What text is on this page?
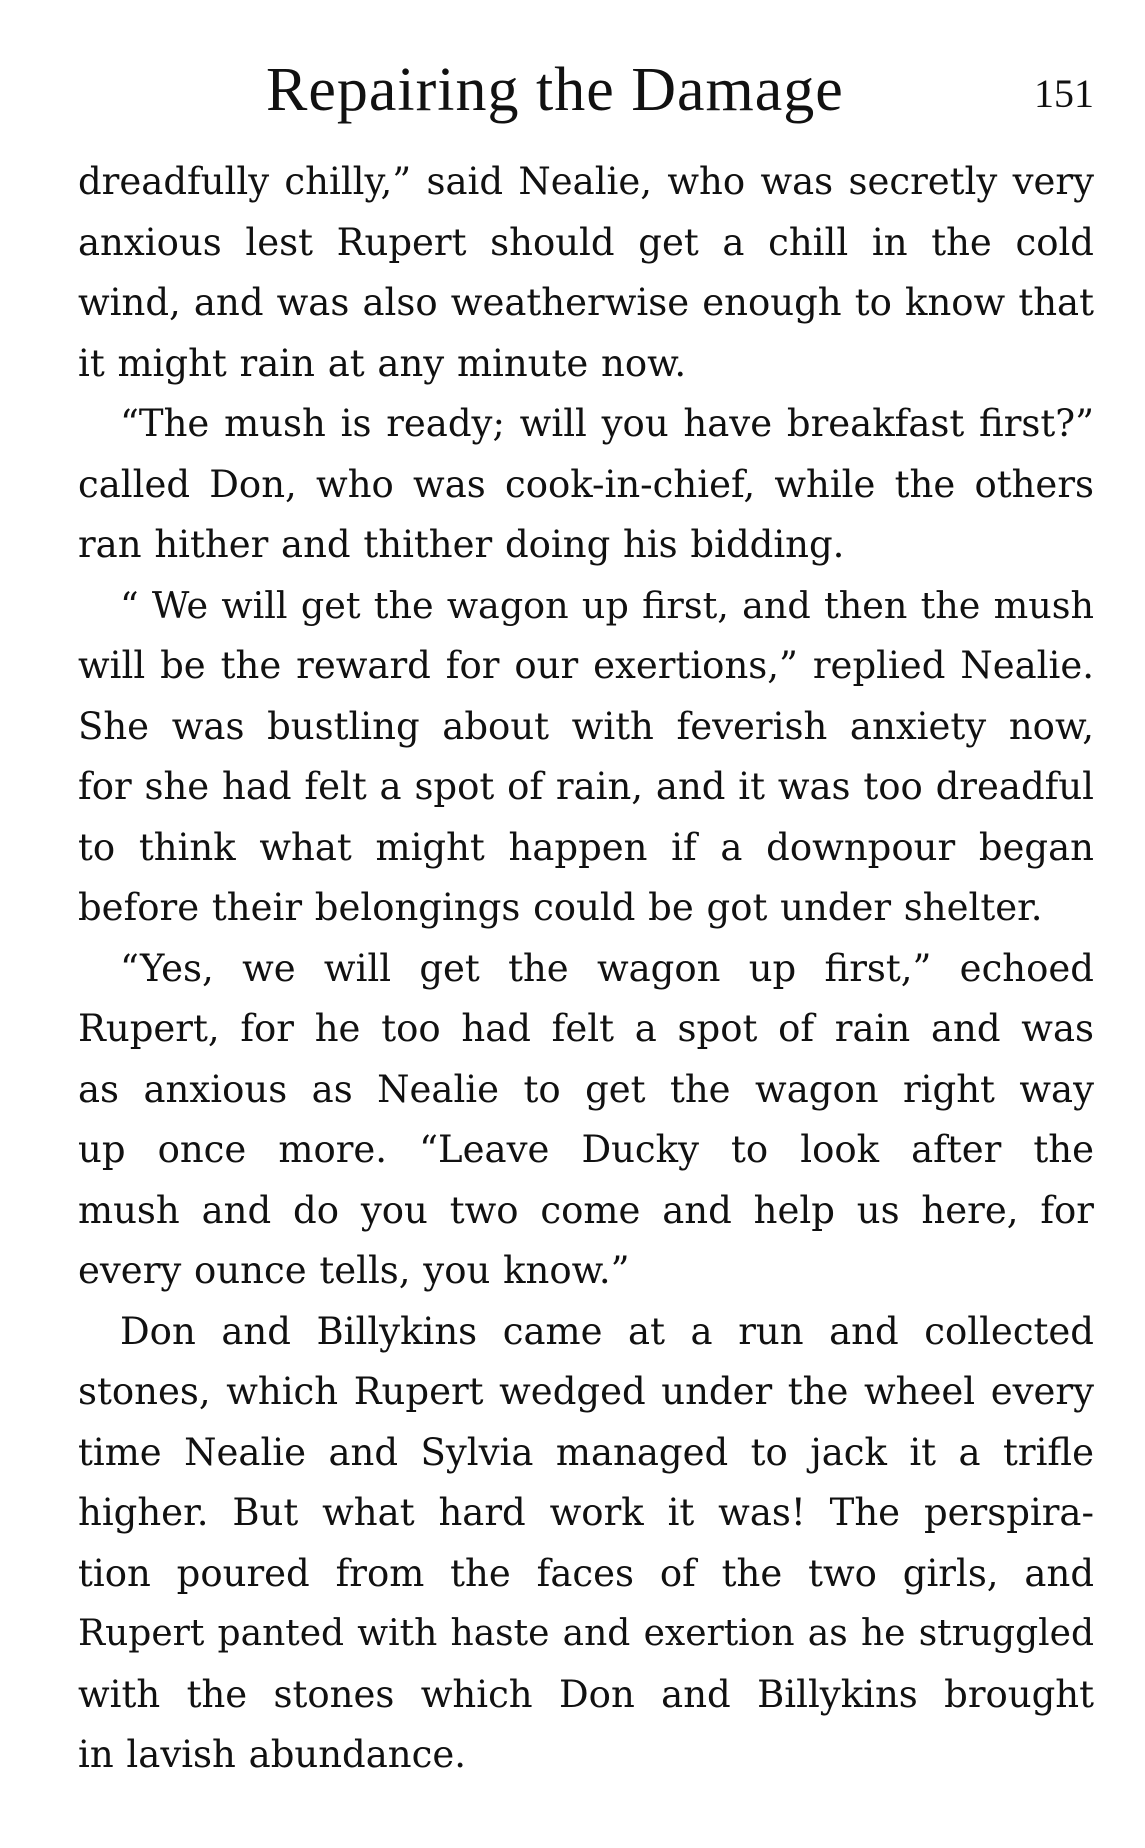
Repairing the Damage	151
dreadfully chilly,” said Nealie, who was secretly very
anxious lest Rupert should get a chill in the cold
wind, and was also weatherwise enough to know that
it might rain at any minute now.
“The mush is ready; will you have breakfast first?”
called Don, who was cook-in-chief, while the others
ran hither and thither doing his bidding.
“ We will get the wagon up first, and then the mush
will be the reward for our exertions,” replied Nealie.
She was bustling about with feverish anxiety now,
for she had felt a spot of rain, and it was too dreadful
to think what might happen if a downpour began
before their belongings could be got under shelter.
“Yes, we will get the wagon up first,” echoed
Rupert, for he too had felt a spot of rain and was
as anxious as Nealie to get the wagon right way
up once more. “Leave Ducky to look after the
mush and do you two come and help us here, for
every ounce tells, you know.”
Don and Billykins came at a run and collected
stones, which Rupert wedged under the wheel every
time Nealie and Sylvia managed to jack it a trifle
higher. But what hard work it was! The perspira-
tion poured from the faces of the two girls, and
Rupert panted with haste and exertion as he struggled
with the stones which Don and Billykins brought
in lavish abundance.
